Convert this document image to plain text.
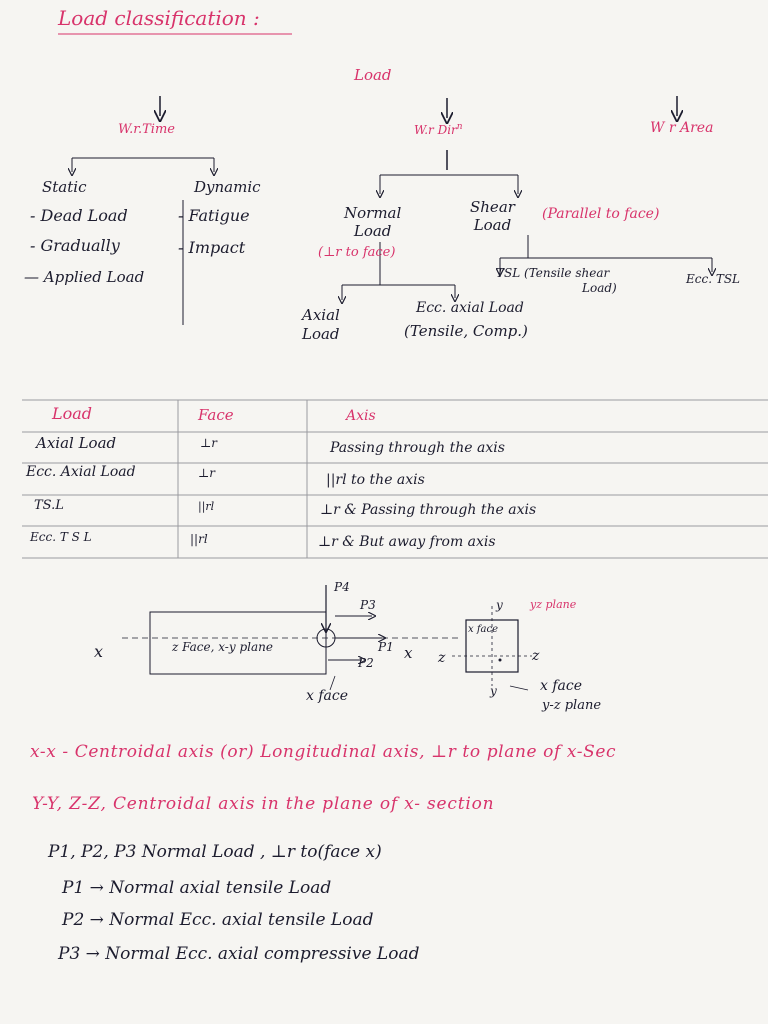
Load classification :
Load
W.r.Time	W.r Dir$^n$	W r Area
Static	Dynamic
- Dead Load
- Gradually
— Applied Load
- Fatigue
- Impact
Normal
Load
(⊥r to face)
Shear
Load
(Parallel to face)
Axial
Load
Ecc. axial Load
(Tensile, Comp.)
TSL (Tensile shear
Load)
Ecc. TSL
Load	Face	Axis
Axial Load	⊥r	Passing through the axis
Ecc. Axial Load	⊥r	||rl to the axis
TS.L	||rl	⊥r & Passing through the axis
Ecc. T S L	||rl	⊥r & But away from axis
P4
P3
P1
P2
x	x
z Face, x-y plane
x face
y yz plane
x face
z	z
y	x face
y-z plane
x-x - Centroidal axis (or) Longitudinal axis, ⊥r to plane of x-Sec
Y-Y, Z-Z, Centroidal axis in the plane of x- section
P1, P2, P3 Normal Load , ⊥r to(face x)
P1 → Normal axial tensile Load
P2 → Normal Ecc. axial tensile Load
P3 → Normal Ecc. axial compressive Load
